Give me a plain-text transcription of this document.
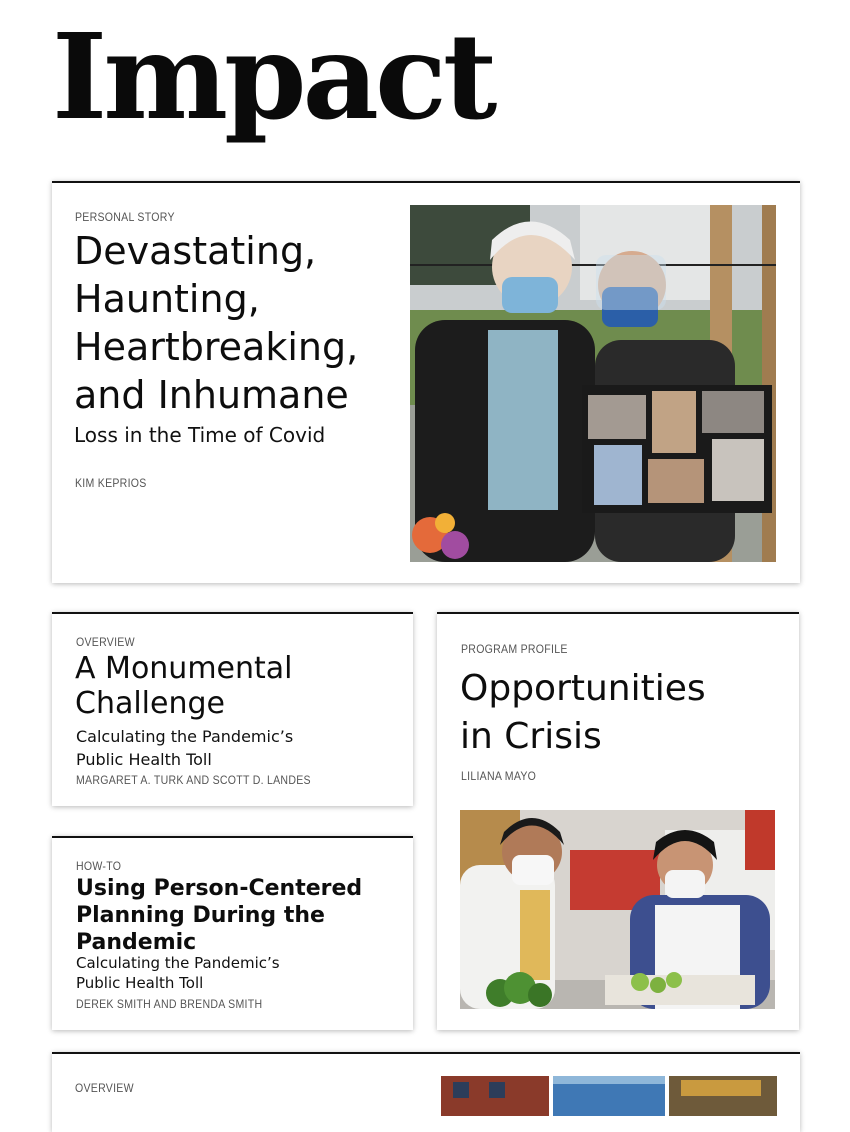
Impact
PERSONAL STORY
Devastating,
Haunting,
Heartbreaking,
and Inhumane
Loss in the Time of Covid
KIM KEPRIOS
OVERVIEW
A Monumental
Challenge
Calculating the Pandemic’s
Public Health Toll
MARGARET A. TURK AND SCOTT D. LANDES
HOW-TO
Using Person-Centered
Planning During the
Pandemic
Calculating the Pandemic’s
Public Health Toll
DEREK SMITH AND BRENDA SMITH
PROGRAM PROFILE
Opportunities
in Crisis
LILIANA MAYO
OVERVIEW
